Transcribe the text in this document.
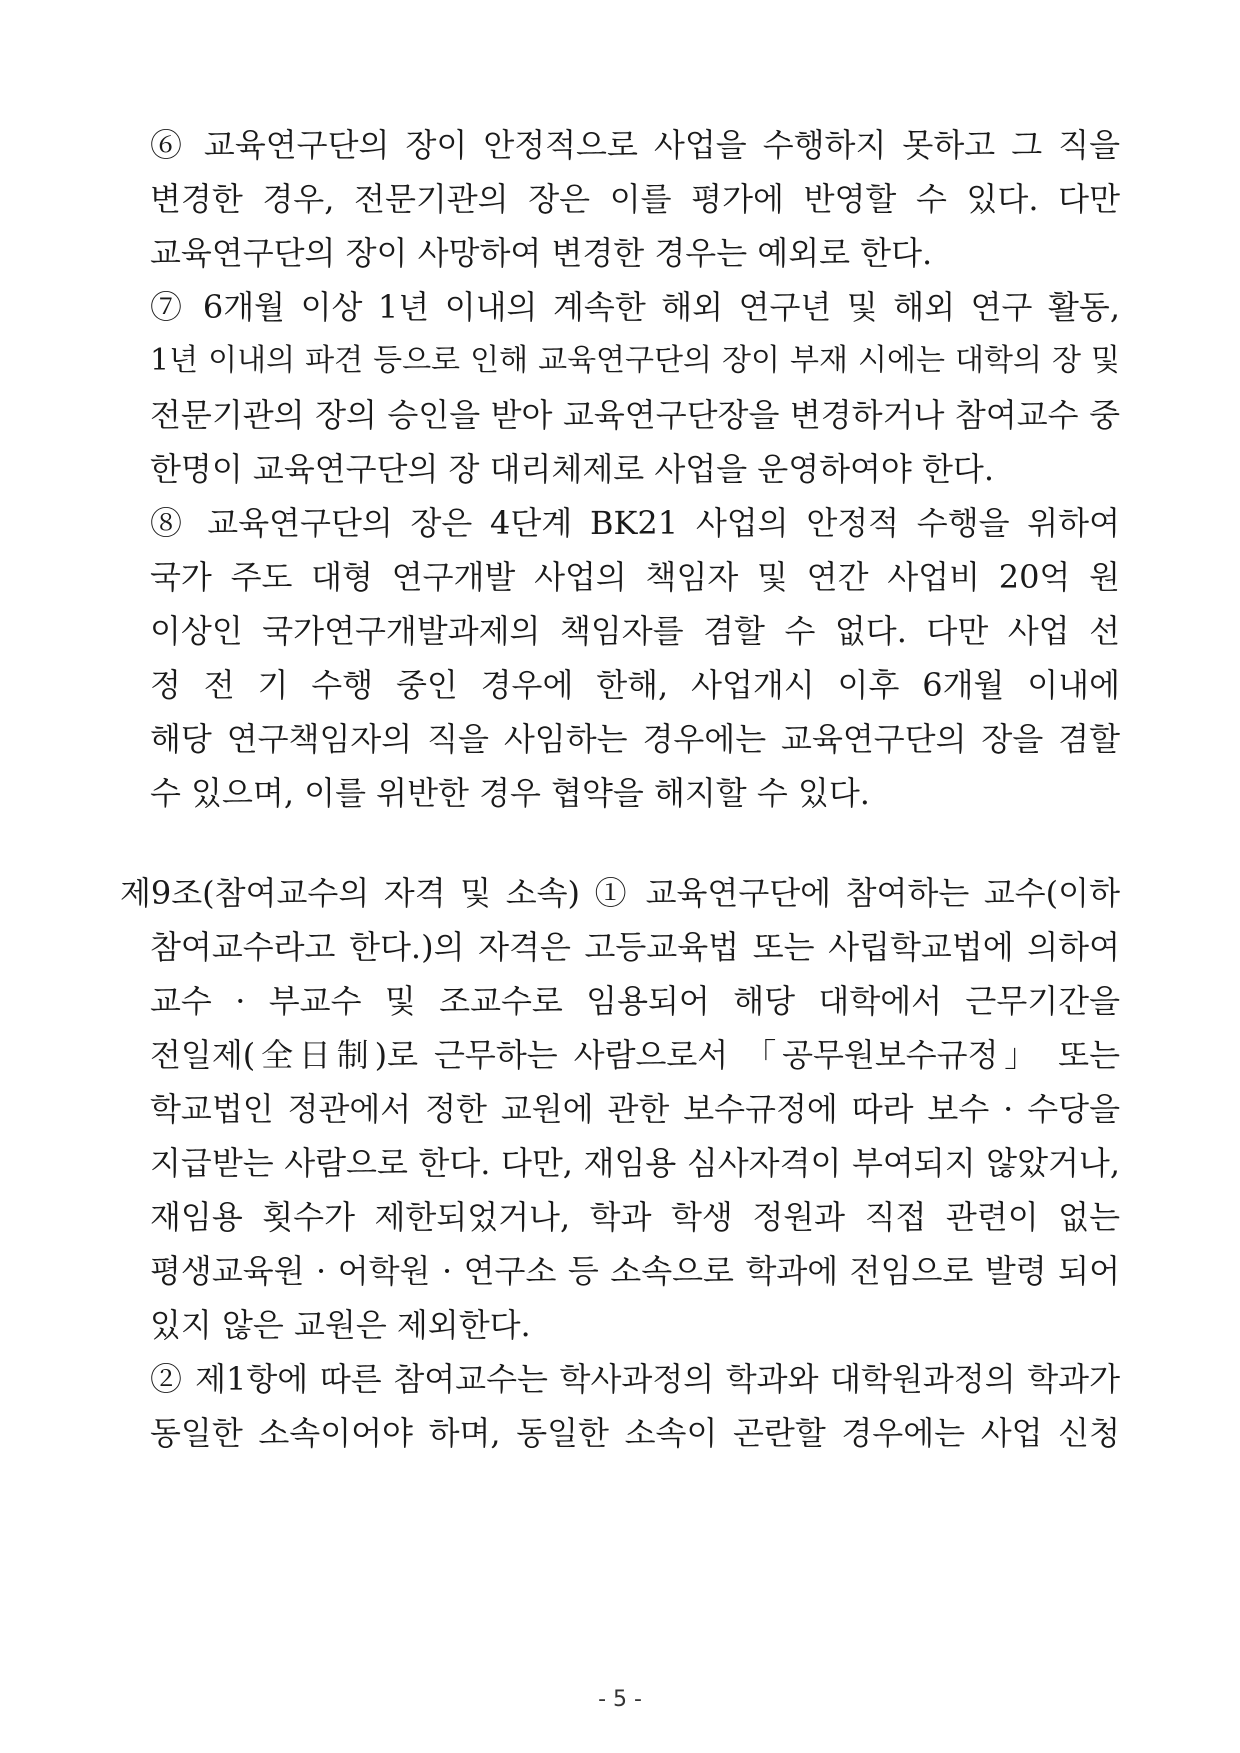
⑥ 교육연구단의 장이 안정적으로 사업을 수행하지 못하고 그 직을
변경한 경우, 전문기관의 장은 이를 평가에 반영할 수 있다. 다만
교육연구단의 장이 사망하여 변경한 경우는 예외로 한다.
⑦ 6개월 이상 1년 이내의 계속한 해외 연구년 및 해외 연구 활동,
1년 이내의 파견 등으로 인해 교육연구단의 장이 부재 시에는 대학의 장 및
전문기관의 장의 승인을 받아 교육연구단장을 변경하거나 참여교수 중
한명이 교육연구단의 장 대리체제로 사업을 운영하여야 한다.
⑧ 교육연구단의 장은 4단계 BK21 사업의 안정적 수행을 위하여
국가 주도 대형 연구개발 사업의 책임자 및 연간 사업비 20억 원
이상인 국가연구개발과제의 책임자를 겸할 수 없다. 다만 사업 선
정 전 기 수행 중인 경우에 한해, 사업개시 이후 6개월 이내에
해당 연구책임자의 직을 사임하는 경우에는 교육연구단의 장을 겸할
수 있으며, 이를 위반한 경우 협약을 해지할 수 있다.
제9조(참여교수의 자격 및 소속) ① 교육연구단에 참여하는 교수(이하
참여교수라고 한다.)의 자격은 고등교육법 또는 사립학교법에 의하여
교수 · 부교수 및 조교수로 임용되어 해당 대학에서 근무기간을
전일제(全日制)로 근무하는 사람으로서 「공무원보수규정」 또는
학교법인 정관에서 정한 교원에 관한 보수규정에 따라 보수 · 수당을
지급받는 사람으로 한다. 다만, 재임용 심사자격이 부여되지 않았거나,
재임용 횟수가 제한되었거나, 학과 학생 정원과 직접 관련이 없는
평생교육원 · 어학원 · 연구소 등 소속으로 학과에 전임으로 발령 되어
있지 않은 교원은 제외한다.
② 제1항에 따른 참여교수는 학사과정의 학과와 대학원과정의 학과가
동일한 소속이어야 하며, 동일한 소속이 곤란할 경우에는 사업 신청
- 5 -
